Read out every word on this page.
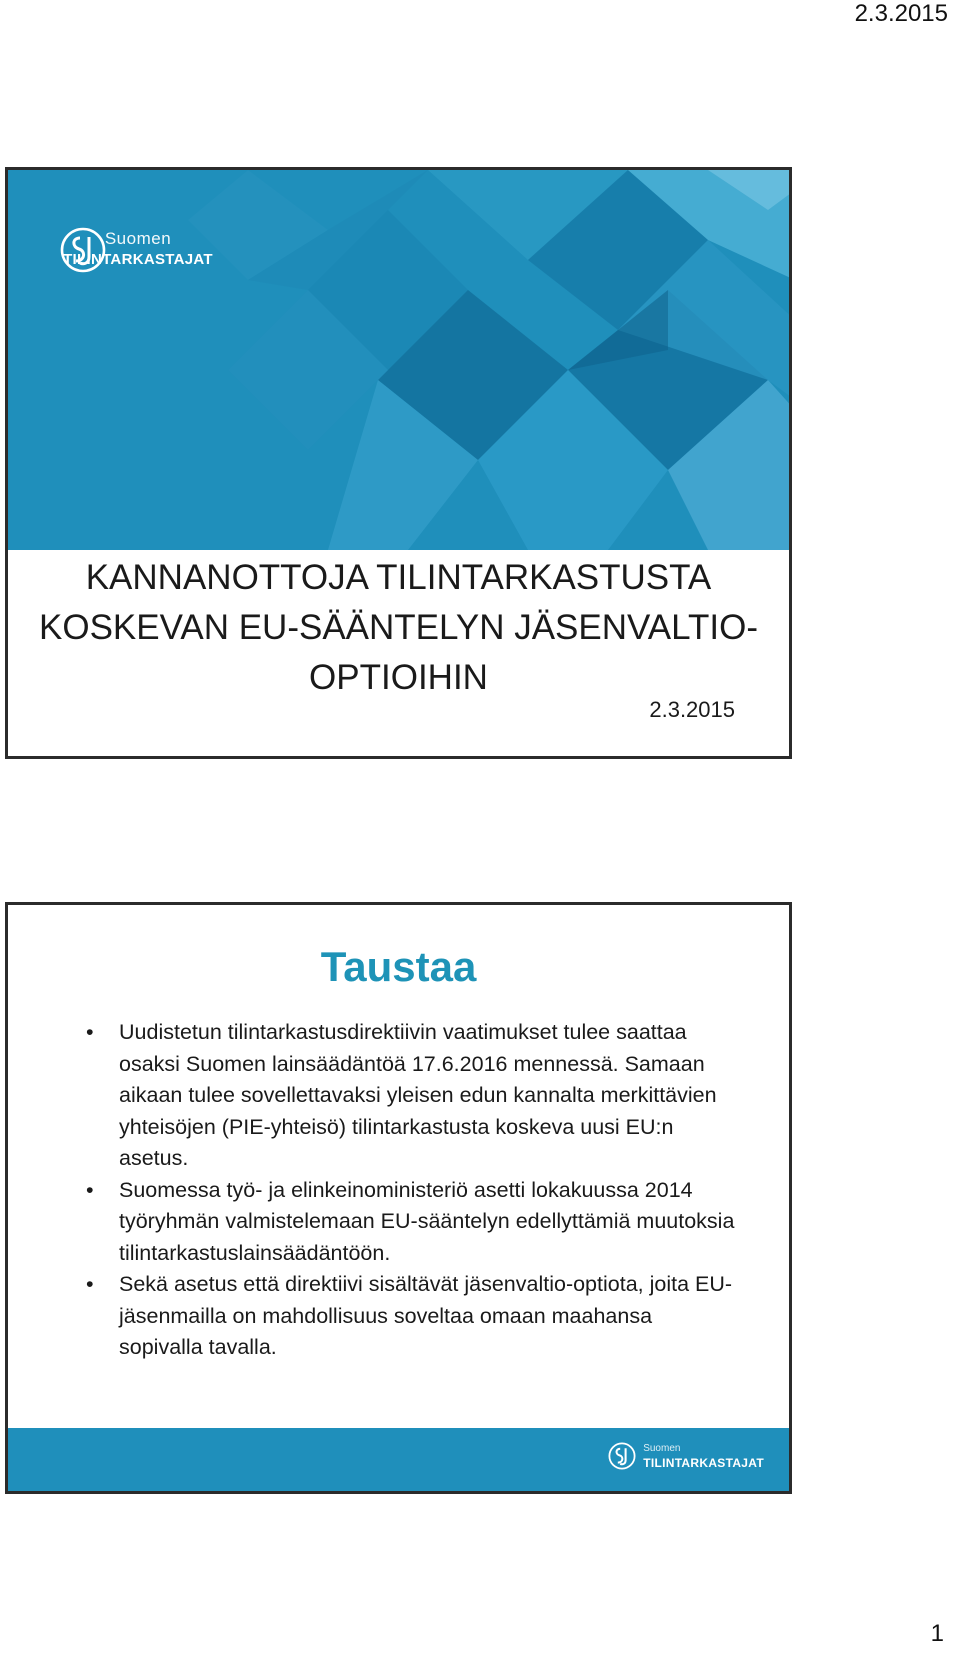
2.3.2015
Suomen
TILINTARKASTAJAT
KANNANOTTOJA TILINTARKASTUSTA
KOSKEVAN EU-SÄÄNTELYN JÄSENVALTIO-
OPTIOIHIN
2.3.2015
Taustaa
• Uudistetun tilintarkastusdirektiivin vaatimukset tulee saattaa osaksi Suomen lainsäädäntöä 17.6.2016 mennessä. Samaan aikaan tulee sovellettavaksi yleisen edun kannalta merkittävien yhteisöjen (PIE-yhteisö) tilintarkastusta koskeva uusi EU:n asetus.
• Suomessa työ- ja elinkeinoministeriö asetti lokakuussa 2014 työryhmän valmistelemaan EU-sääntelyn edellyttämiä muutoksia tilintarkastuslainsäädäntöön.
• Sekä asetus että direktiivi sisältävät jäsenvaltio-optiota, joita EU-jäsenmailla on mahdollisuus soveltaa omaan maahansa sopivalla tavalla.
Suomen
TILINTARKASTAJAT
1
